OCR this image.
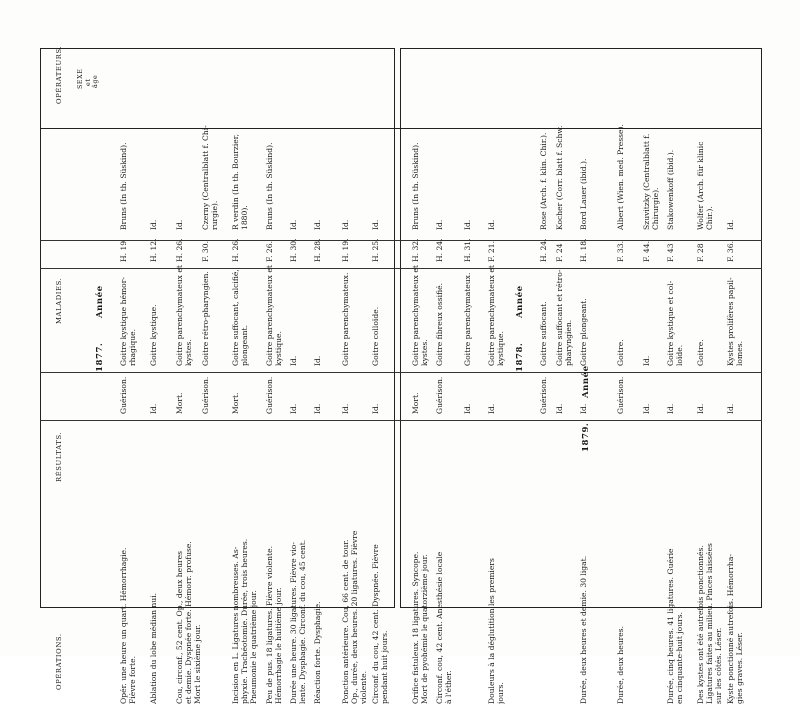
OPÉRATEURS. SEXE et âge
MALADIES.
RÉSULTATS.
OPÉRATIONS.
1877.
Année
1878.
Année
1879.
Année
Bruns (In th. Süskind).
H. 19
Goitre kystique hémor- rhagique.
Guérison.
Opér. une heure un quart. Hémorrhagie. Fièvre forte.
Id.
H. 12.
Goitre kystique.
Id.
Ablation du lobe médian nui.
Id.
H. 26.
Goitre parenchymateux et kystes.
Mort.
Cou, circonf., 52 cent. Op., deux heures et demie. Dyspnée forte. Hémorr. profuse. Mort le sixième jour.
Czerny (Centralblatt f. Chi- rurgie).
F. 30.
Goitre rétro-pharyngien.
Guérison.
R verdin (In th. Bourzier, 1880).
H. 26.
Goitre suffocant, calcifié, plongeant.
Mort.
Incision en L. Ligatures nombreuses. As- phyxie. Trachéotomie. Durée, trois heures. Pneumonie le quatrième jour.
Bruns (In th. Süskind).
F. 26.
Goitre parenchymateux et kystique.
Guérison.
Peu de pus. 18 ligatures. Fièvre violente. Hémorrhagie le huitième jour.
Id.
H. 30.
Id.
Id.
Durée une heure. 30 ligatures. Fièvre vio- lente. Dysphagie. Circonf. du cou, 45 cent.
Id.
H. 28.
Id.
Id.
Réaction forte. Dysphagie.
Id.
H. 19.
Goitre parenchymateux.
Id.
Ponction antérieure. Cou, 66 cent. de tour. Op., durée, deux heures. 20 ligatures. Fièvre violente.
Id.
H. 25.
Goitre colloïde.
Id.
Circonf. du cou, 42 cent. Dyspnée. Fièvre pendant huit jours.
Bruns (In th. Süskind).
H. 32.
Goitre parenchymateux et kystes.
Mort.
Orifice fistuleux. 18 ligatures. Syncope. Mort de pyohémie le quatorzième jour.
Id.
H. 24.
Goitre fibreux ossifié.
Guérison.
Circonf. cou, 42 cent. Anesthésie locale à l'éther.
Id.
H. 31.
Goitre parenchymateux.
Id.
Id.
F. 21.
Goitre parenchymateux et kystique.
Id.
Douleurs à la déglutition les premiers jours.
Rose (Arch. f. klin. Chir.).
H. 24.
Goitre suffocant.
Guérison.
Kocher (Corr. blatt f. Schw.
F. 24
Goitre suffocant et rétro- pharyngien.
Id.
Bord Lauer (ibid.).
H. 18.
Goitre plongeant.
Id.
Durée, deux heures et demie. 30 ligat.
Albert (Wien. med. Presse).
F. 33.
Goitre.
Guérison.
Durée, deux heures.
Szuvitzky (Centralblatt f. Chirurgie).
F. 44.
Id.
Id.
Stakowenkoff (ibid.).
F. 43
Goitre kystique et col- loïde.
Id.
Durée, cinq heures. 41 ligatures. Guérie en cinquante-huit jours.
Wolfer (Arch. für klinic Chir.).
F. 28
Goitre.
Id.
Des kystes ont été autrefois ponctionnés. Ligatures faites au milieu. Pinces laissées sur les côtés. Léser.
Id.
F. 36.
Kystes prolifères papil- lomes.
Id.
Kyste ponctionné autrefois. Hémorrha- gies graves. Léser.
